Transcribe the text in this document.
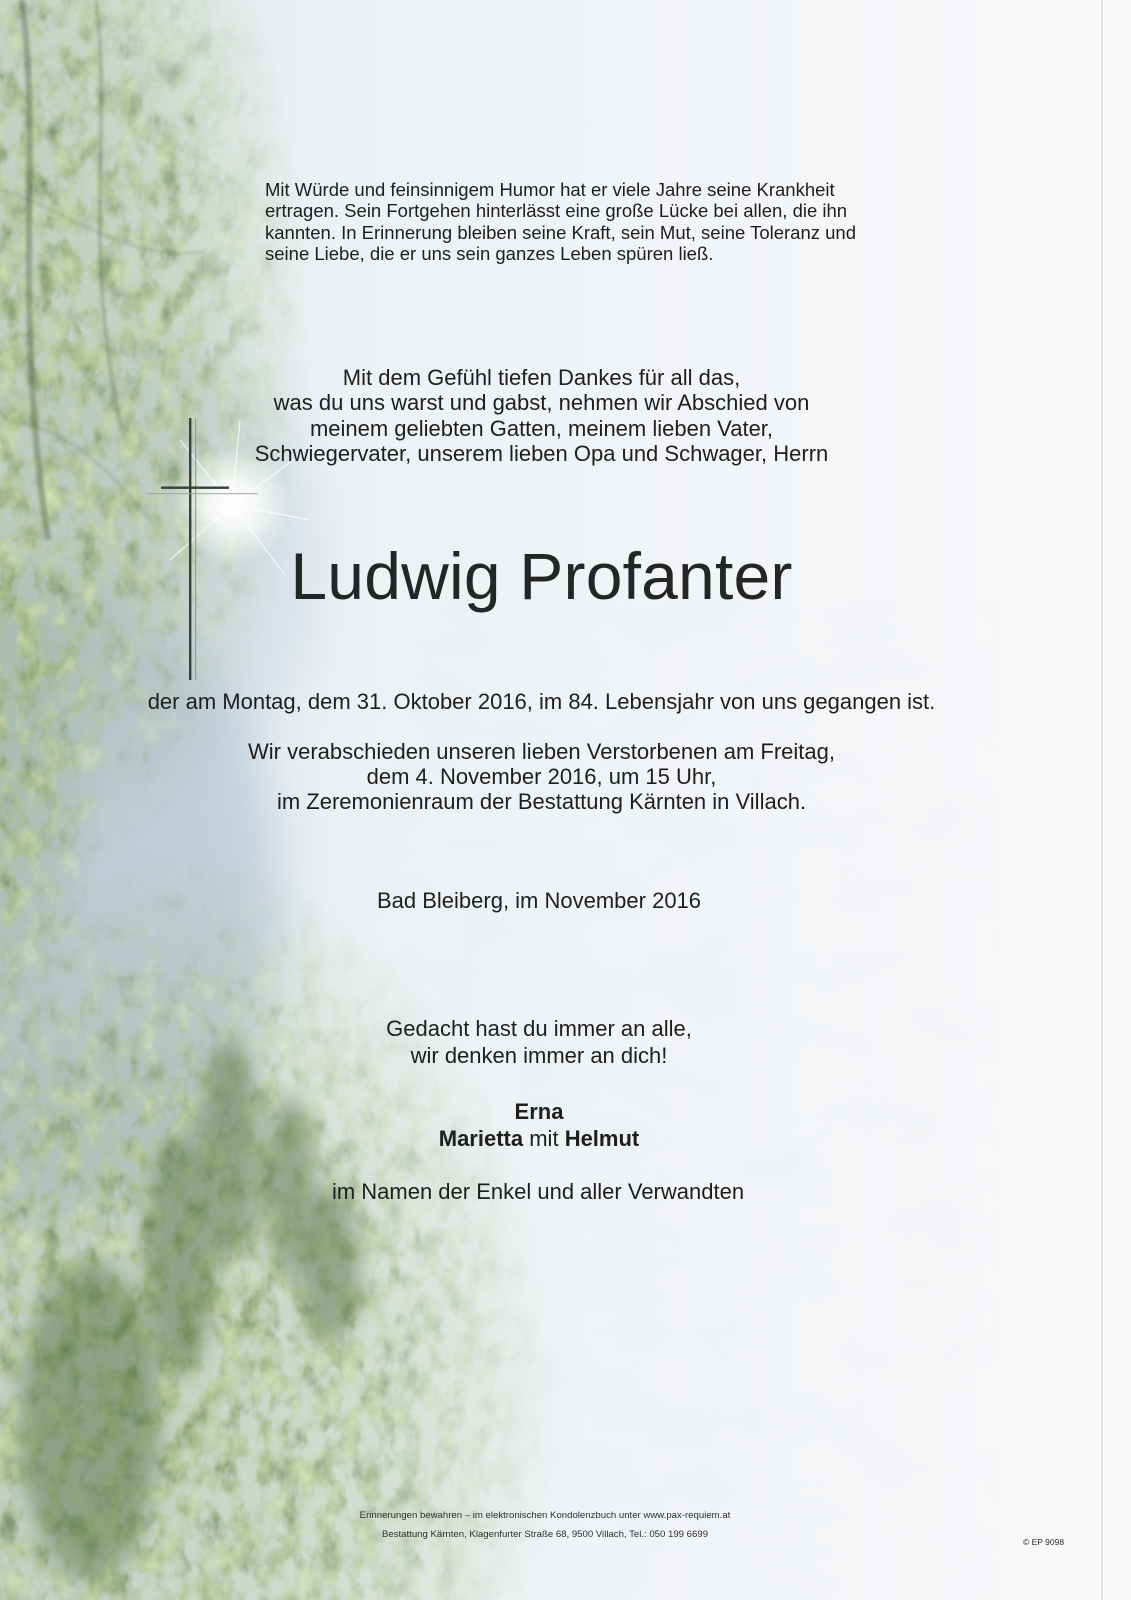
Mit Würde und feinsinnigem Humor hat er viele Jahre seine Krankheit
ertragen. Sein Fortgehen hinterlässt eine große Lücke bei allen, die ihn
kannten. In Erinnerung bleiben seine Kraft, sein Mut, seine Toleranz und
seine Liebe, die er uns sein ganzes Leben spüren ließ.
Mit dem Gefühl tiefen Dankes für all das,
was du uns warst und gabst, nehmen wir Abschied von
meinem geliebten Gatten, meinem lieben Vater,
Schwiegervater, unserem lieben Opa und Schwager, Herrn
Ludwig Profanter
der am Montag, dem 31. Oktober 2016, im 84. Lebensjahr von uns gegangen ist.
Wir verabschieden unseren lieben Verstorbenen am Freitag,
dem 4. November 2016, um 15 Uhr,
im Zeremonienraum der Bestattung Kärnten in Villach.
Bad Bleiberg, im November 2016
Gedacht hast du immer an alle,
wir denken immer an dich!
Erna
Marietta mit Helmut
im Namen der Enkel und aller Verwandten
Erinnerungen bewahren – im elektronischen Kondolenzbuch unter www.pax-requiem.at
Bestattung Kärnten, Klagenfurter Straße 68, 9500 Villach, Tel.: 050 199 6699
© EP 9098
